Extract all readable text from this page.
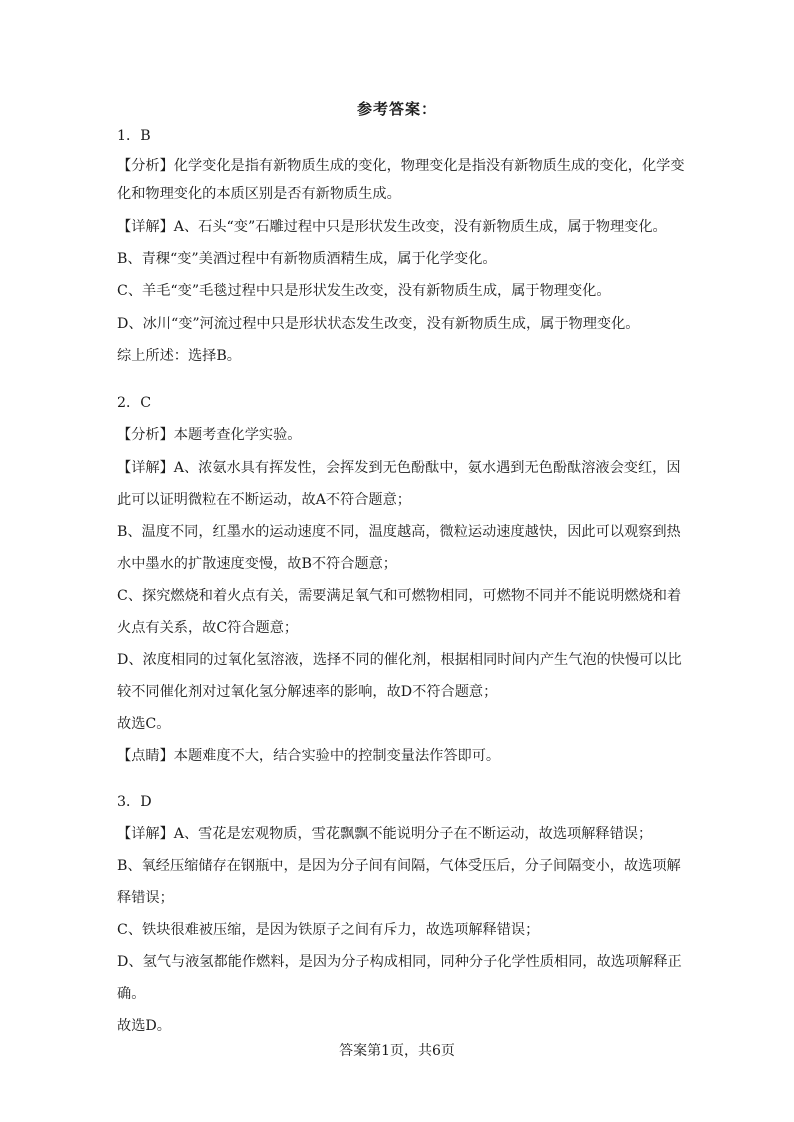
参考答案：
1．B
【分析】化学变化是指有新物质生成的变化，物理变化是指没有新物质生成的变化，化学变
化和物理变化的本质区别是否有新物质生成。
【详解】A、石头“变”石雕过程中只是形状发生改变，没有新物质生成，属于物理变化。
B、青稞“变”美酒过程中有新物质酒精生成，属于化学变化。
C、羊毛“变”毛毯过程中只是形状发生改变，没有新物质生成，属于物理变化。
D、冰川“变”河流过程中只是形状状态发生改变，没有新物质生成，属于物理变化。
综上所述：选择B。
2．C
【分析】本题考查化学实验。
【详解】A、浓氨水具有挥发性，会挥发到无色酚酞中，氨水遇到无色酚酞溶液会变红，因
此可以证明微粒在不断运动，故A不符合题意；
B、温度不同，红墨水的运动速度不同，温度越高，微粒运动速度越快，因此可以观察到热
水中墨水的扩散速度变慢，故B不符合题意；
C、探究燃烧和着火点有关，需要满足氧气和可燃物相同，可燃物不同并不能说明燃烧和着
火点有关系，故C符合题意；
D、浓度相同的过氧化氢溶液，选择不同的催化剂，根据相同时间内产生气泡的快慢可以比
较不同催化剂对过氧化氢分解速率的影响，故D不符合题意；
故选C。
【点睛】本题难度不大，结合实验中的控制变量法作答即可。
3．D
【详解】A、雪花是宏观物质，雪花飘飘不能说明分子在不断运动，故选项解释错误；
B、氧经压缩储存在钢瓶中，是因为分子间有间隔，气体受压后，分子间隔变小，故选项解
释错误；
C、铁块很难被压缩，是因为铁原子之间有斥力，故选项解释错误；
D、氢气与液氢都能作燃料，是因为分子构成相同，同种分子化学性质相同，故选项解释正
确。
故选D。
答案第1页，共6页
